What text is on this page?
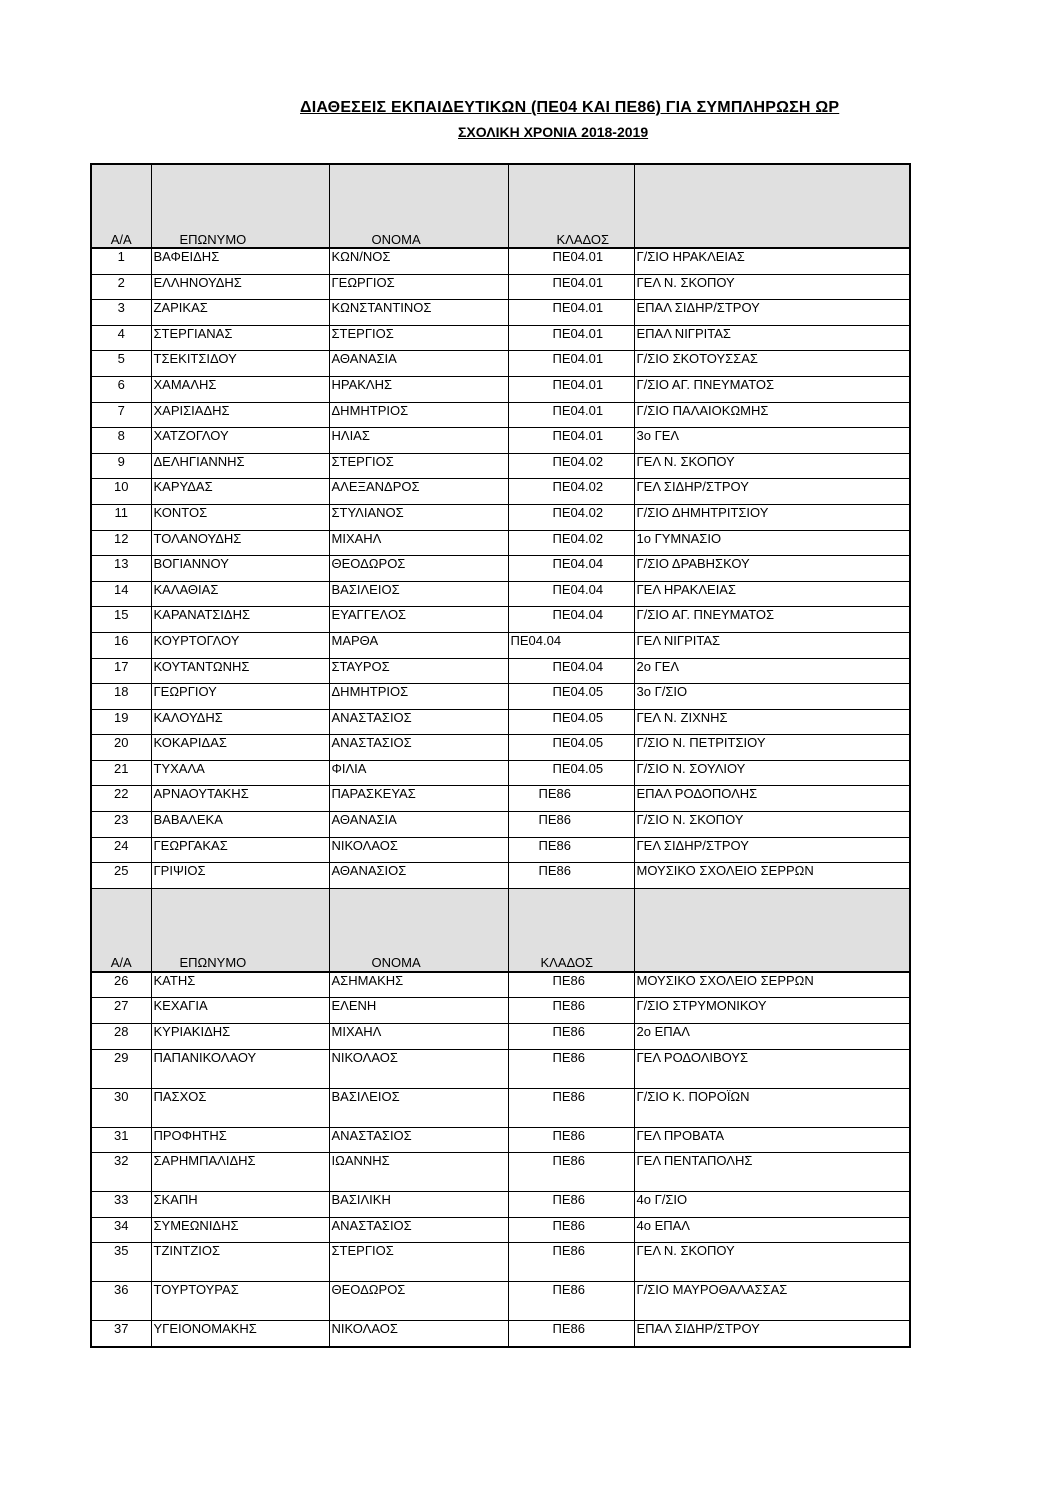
ΔΙΑΘΕΣΕΙΣ ΕΚΠΑΙΔΕΥΤΙΚΩΝ (ΠΕ04 ΚΑΙ ΠΕ86) ΓΙΑ ΣΥΜΠΛΗΡΩΣΗ ΩΡ
ΣΧΟΛΙΚΗ ΧΡΟΝΙΑ 2018-2019
Α/Α	ΕΠΩΝΥΜΟ	ΟΝΟΜΑ	ΚΛΑΔΟΣ	

1	ΒΑΦΕΙΔΗΣ	ΚΩΝ/ΝΟΣ	ΠΕ04.01	Γ/ΣΙΟ ΗΡΑΚΛΕΙΑΣ
2	ΕΛΛΗΝΟΥΔΗΣ	ΓΕΩΡΓΙΟΣ	ΠΕ04.01	ΓΕΛ Ν. ΣΚΟΠΟΥ
3	ΖΑΡΙΚΑΣ	ΚΩΝΣΤΑΝΤΙΝΟΣ	ΠΕ04.01	ΕΠΑΛ ΣΙΔΗΡ/ΣΤΡΟΥ
4	ΣΤΕΡΓΙΑΝΑΣ	ΣΤΕΡΓΙΟΣ	ΠΕ04.01	ΕΠΑΛ ΝΙΓΡΙΤΑΣ
5	ΤΣΕΚΙΤΣΙΔΟΥ	ΑΘΑΝΑΣΙΑ	ΠΕ04.01	Γ/ΣΙΟ ΣΚΟΤΟΥΣΣΑΣ
6	ΧΑΜΑΛΗΣ	ΗΡΑΚΛΗΣ	ΠΕ04.01	Γ/ΣΙΟ ΑΓ. ΠΝΕΥΜΑΤΟΣ
7	ΧΑΡΙΣΙΑΔΗΣ	ΔΗΜΗΤΡΙΟΣ	ΠΕ04.01	Γ/ΣΙΟ ΠΑΛΑΙΟΚΩΜΗΣ
8	ΧΑΤΖΟΓΛΟΥ	ΗΛΙΑΣ	ΠΕ04.01	3ο ΓΕΛ
9	ΔΕΛΗΓΙΑΝΝΗΣ	ΣΤΕΡΓΙΟΣ	ΠΕ04.02	ΓΕΛ Ν. ΣΚΟΠΟΥ
10	ΚΑΡΥΔΑΣ	ΑΛΕΞΑΝΔΡΟΣ	ΠΕ04.02	ΓΕΛ ΣΙΔΗΡ/ΣΤΡΟΥ
11	ΚΟΝΤΟΣ	ΣΤΥΛΙΑΝΟΣ	ΠΕ04.02	Γ/ΣΙΟ ΔΗΜΗΤΡΙΤΣΙΟΥ
12	ΤΟΛΑΝΟΥΔΗΣ	ΜΙΧΑΗΛ	ΠΕ04.02	1ο ΓΥΜΝΑΣΙΟ
13	ΒΟΓΙΑΝΝΟΥ	ΘΕΟΔΩΡΟΣ	ΠΕ04.04	Γ/ΣΙΟ ΔΡΑΒΗΣΚΟΥ
14	ΚΑΛΑΘΙΑΣ	ΒΑΣΙΛΕΙΟΣ	ΠΕ04.04	ΓΕΛ ΗΡΑΚΛΕΙΑΣ
15	ΚΑΡΑΝΑΤΣΙΔΗΣ	ΕΥΑΓΓΕΛΟΣ	ΠΕ04.04	Γ/ΣΙΟ ΑΓ. ΠΝΕΥΜΑΤΟΣ
16	ΚΟΥΡΤΟΓΛΟΥ	ΜΑΡΘΑ	ΠΕ04.04	ΓΕΛ ΝΙΓΡΙΤΑΣ
17	ΚΟΥΤΑΝΤΩΝΗΣ	ΣΤΑΥΡΟΣ	ΠΕ04.04	2ο ΓΕΛ
18	ΓΕΩΡΓΙΟΥ	ΔΗΜΗΤΡΙΟΣ	ΠΕ04.05	3ο Γ/ΣΙΟ
19	ΚΑΛΟΥΔΗΣ	ΑΝΑΣΤΑΣΙΟΣ	ΠΕ04.05	ΓΕΛ Ν. ΖΙΧΝΗΣ
20	ΚΟΚΑΡΙΔΑΣ	ΑΝΑΣΤΑΣΙΟΣ	ΠΕ04.05	Γ/ΣΙΟ Ν. ΠΕΤΡΙΤΣΙΟΥ
21	ΤΥΧΑΛΑ	ΦΙΛΙΑ	ΠΕ04.05	Γ/ΣΙΟ Ν. ΣΟΥΛΙΟΥ
22	ΑΡΝΑΟΥΤΑΚΗΣ	ΠΑΡΑΣΚΕΥΑΣ	ΠΕ86	ΕΠΑΛ ΡΟΔΟΠΟΛΗΣ
23	ΒΑΒΑΛΕΚΑ	ΑΘΑΝΑΣΙΑ	ΠΕ86	Γ/ΣΙΟ Ν. ΣΚΟΠΟΥ
24	ΓΕΩΡΓΑΚΑΣ	ΝΙΚΟΛΑΟΣ	ΠΕ86	ΓΕΛ ΣΙΔΗΡ/ΣΤΡΟΥ
25	ΓΡΙΨΙΟΣ	ΑΘΑΝΑΣΙΟΣ	ΠΕ86	ΜΟΥΣΙΚΟ ΣΧΟΛΕΙΟ ΣΕΡΡΩΝ
Α/Α	ΕΠΩΝΥΜΟ	ΟΝΟΜΑ	ΚΛΑΔΟΣ	

26	ΚΑΤΗΣ	ΑΣΗΜΑΚΗΣ	ΠΕ86	ΜΟΥΣΙΚΟ ΣΧΟΛΕΙΟ ΣΕΡΡΩΝ
27	ΚΕΧΑΓΙΑ	ΕΛΕΝΗ	ΠΕ86	Γ/ΣΙΟ ΣΤΡΥΜΟΝΙΚΟΥ
28	ΚΥΡΙΑΚΙΔΗΣ	ΜΙΧΑΗΛ	ΠΕ86	2ο ΕΠΑΛ
29	ΠΑΠΑΝΙΚΟΛΑΟΥ	ΝΙΚΟΛΑΟΣ	ΠΕ86	ΓΕΛ ΡΟΔΟΛΙΒΟΥΣ
30	ΠΑΣΧΟΣ	ΒΑΣΙΛΕΙΟΣ	ΠΕ86	Γ/ΣΙΟ Κ. ΠΟΡΟΪΩΝ
31	ΠΡΟΦΗΤΗΣ	ΑΝΑΣΤΑΣΙΟΣ	ΠΕ86	ΓΕΛ ΠΡΟΒΑΤΑ
32	ΣΑΡΗΜΠΑΛΙΔΗΣ	ΙΩΑΝΝΗΣ	ΠΕ86	ΓΕΛ ΠΕΝΤΑΠΟΛΗΣ
33	ΣΚΑΠΗ	ΒΑΣΙΛΙΚΗ	ΠΕ86	4ο Γ/ΣΙΟ
34	ΣΥΜΕΩΝΙΔΗΣ	ΑΝΑΣΤΑΣΙΟΣ	ΠΕ86	4ο ΕΠΑΛ
35	ΤΖΙΝΤΖΙΟΣ	ΣΤΕΡΓΙΟΣ	ΠΕ86	ΓΕΛ Ν. ΣΚΟΠΟΥ
36	ΤΟΥΡΤΟΥΡΑΣ	ΘΕΟΔΩΡΟΣ	ΠΕ86	Γ/ΣΙΟ ΜΑΥΡΟΘΑΛΑΣΣΑΣ
37	ΥΓΕΙΟΝΟΜΑΚΗΣ	ΝΙΚΟΛΑΟΣ	ΠΕ86	ΕΠΑΛ ΣΙΔΗΡ/ΣΤΡΟΥ
